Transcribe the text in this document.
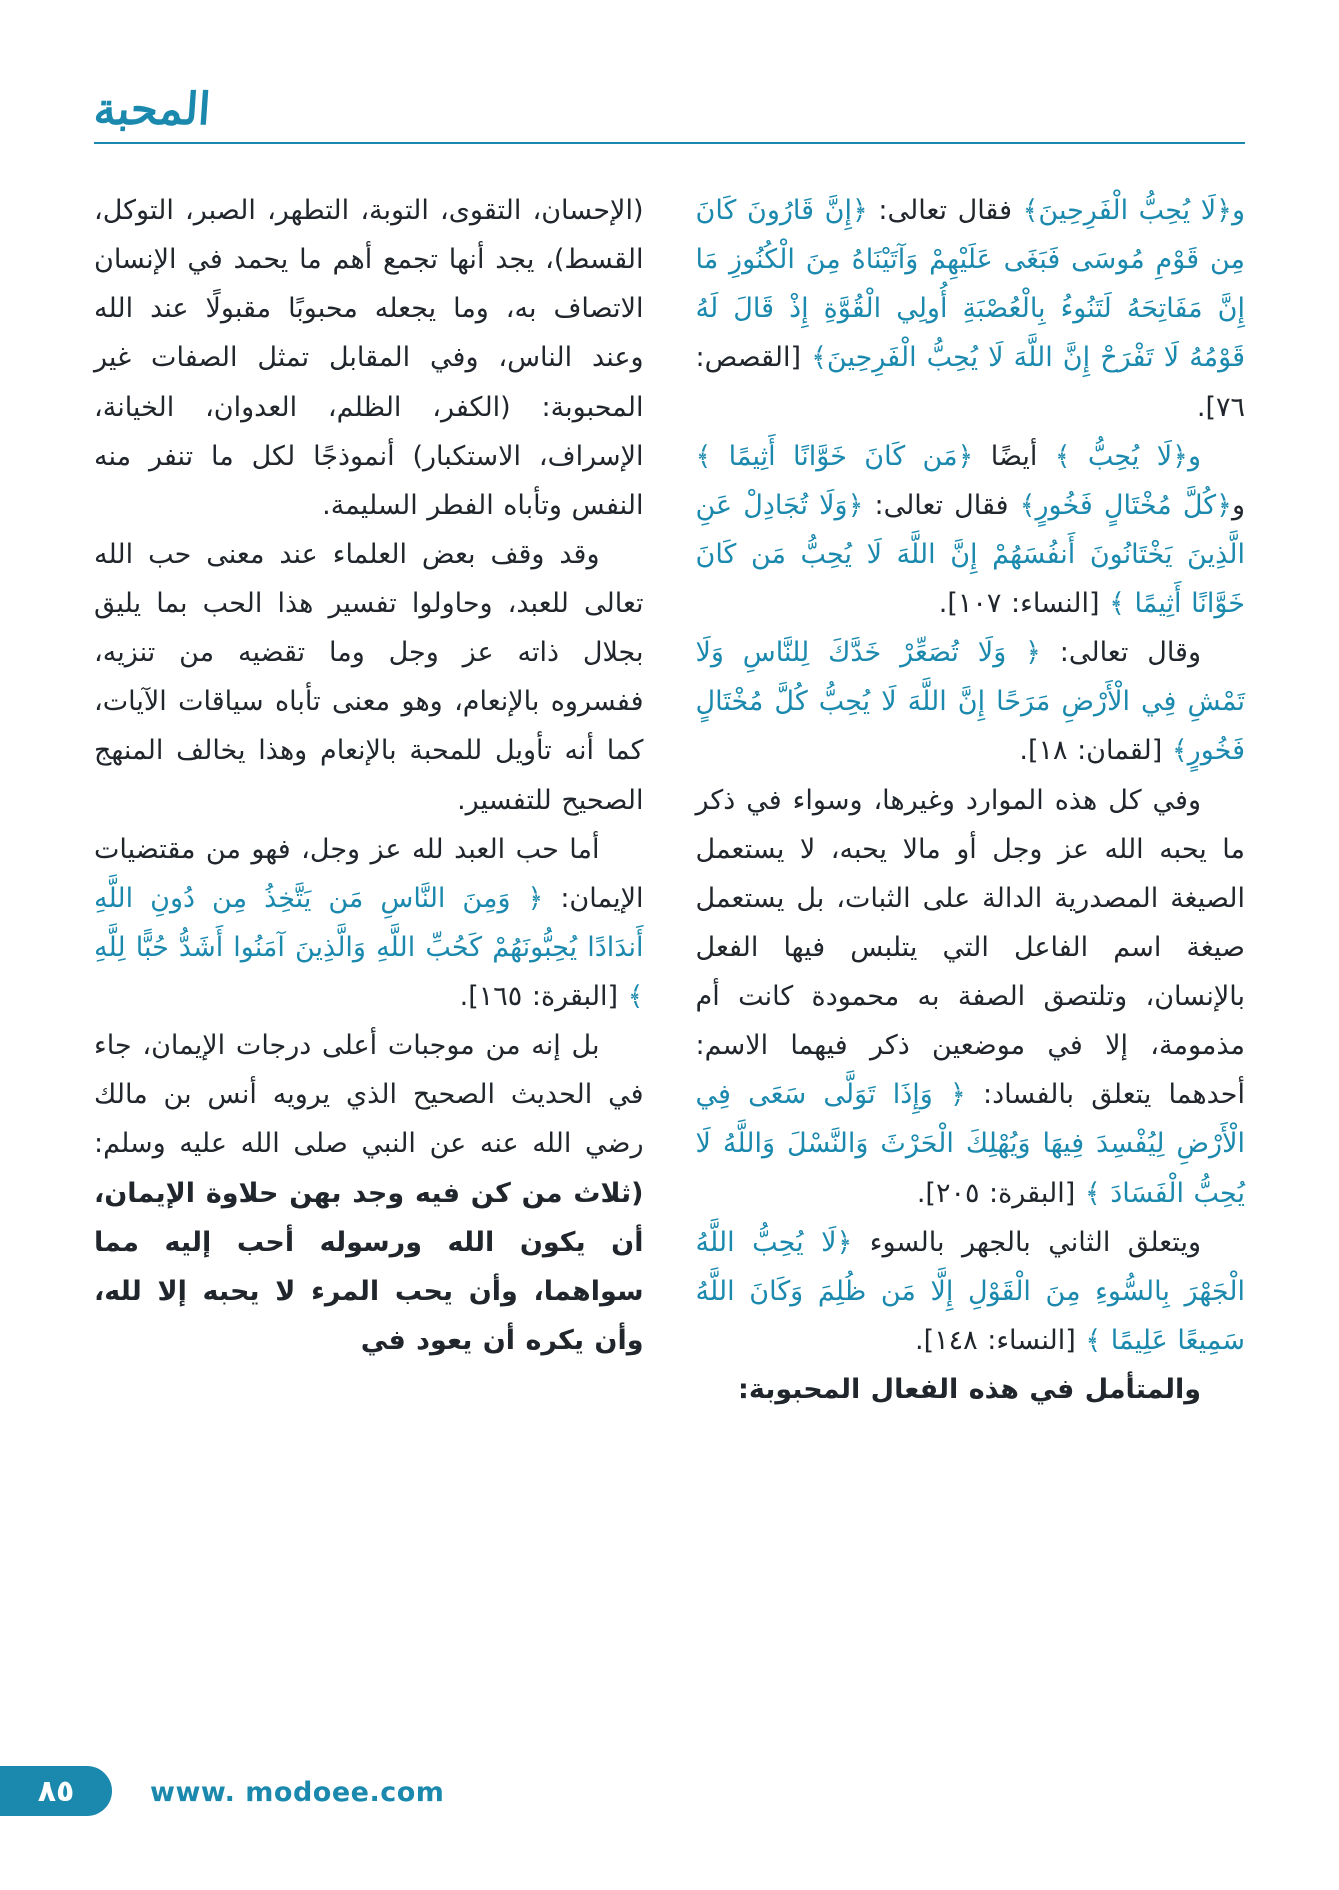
المحبة

و﴿لَا يُحِبُّ الْفَرِحِينَ﴾ فقال تعالى: ﴿إِنَّ قَارُونَ كَانَ مِن قَوْمِ مُوسَى فَبَغَى عَلَيْهِمْ وَآتَيْنَاهُ مِنَ الْكُنُوزِ مَا إِنَّ مَفَاتِحَهُ لَتَنُوءُ بِالْعُصْبَةِ أُولِي الْقُوَّةِ إِذْ قَالَ لَهُ قَوْمُهُ لَا تَفْرَحْ إِنَّ اللَّهَ لَا يُحِبُّ الْفَرِحِينَ﴾ [القصص: ٧٦].

و﴿لَا يُحِبُّ ﴾ أيضًا ﴿مَن كَانَ خَوَّانًا أَثِيمًا ﴾ و﴿كُلَّ مُخْتَالٍ فَخُورٍ﴾ فقال تعالى: ﴿وَلَا تُجَادِلْ عَنِ الَّذِينَ يَخْتَانُونَ أَنفُسَهُمْ إِنَّ اللَّهَ لَا يُحِبُّ مَن كَانَ خَوَّانًا أَثِيمًا ﴾ [النساء: ١٠٧].

وقال تعالى: ﴿ وَلَا تُصَعِّرْ خَدَّكَ لِلنَّاسِ وَلَا تَمْشِ فِي الْأَرْضِ مَرَحًا إِنَّ اللَّهَ لَا يُحِبُّ كُلَّ مُخْتَالٍ فَخُورٍ﴾ [لقمان: ١٨].

وفي كل هذه الموارد وغيرها، وسواء في ذكر ما يحبه الله عز وجل أو مالا يحبه، لا يستعمل الصيغة المصدرية الدالة على الثبات، بل يستعمل صيغة اسم الفاعل التي يتلبس فيها الفعل بالإنسان، وتلتصق الصفة به محمودة كانت أم مذمومة، إلا في موضعين ذكر فيهما الاسم: أحدهما يتعلق بالفساد: ﴿ وَإِذَا تَوَلَّى سَعَى فِي الْأَرْضِ لِيُفْسِدَ فِيهَا وَيُهْلِكَ الْحَرْثَ وَالنَّسْلَ وَاللَّهُ لَا يُحِبُّ الْفَسَادَ ﴾ [البقرة: ٢٠٥].

ويتعلق الثاني بالجهر بالسوء ﴿لَا يُحِبُّ اللَّهُ الْجَهْرَ بِالسُّوءِ مِنَ الْقَوْلِ إِلَّا مَن ظُلِمَ وَكَانَ اللَّهُ سَمِيعًا عَلِيمًا ﴾ [النساء: ١٤٨].

والمتأمل في هذه الفعال المحبوبة:

(الإحسان، التقوى، التوبة، التطهر، الصبر، التوكل، القسط)، يجد أنها تجمع أهم ما يحمد في الإنسان الاتصاف به، وما يجعله محبوبًا مقبولًا عند الله وعند الناس، وفي المقابل تمثل الصفات غير المحبوبة: (الكفر، الظلم، العدوان، الخيانة، الإسراف، الاستكبار) أنموذجًا لكل ما تنفر منه النفس وتأباه الفطر السليمة.

وقد وقف بعض العلماء عند معنى حب الله تعالى للعبد، وحاولوا تفسير هذا الحب بما يليق بجلال ذاته عز وجل وما تقضيه من تنزيه، ففسروه بالإنعام، وهو معنى تأباه سياقات الآيات، كما أنه تأويل للمحبة بالإنعام وهذا يخالف المنهج الصحيح للتفسير.

أما حب العبد لله عز وجل، فهو من مقتضيات الإيمان: ﴿ وَمِنَ النَّاسِ مَن يَتَّخِذُ مِن دُونِ اللَّهِ أَندَادًا يُحِبُّونَهُمْ كَحُبِّ اللَّهِ وَالَّذِينَ آمَنُوا أَشَدُّ حُبًّا لِلَّهِ ﴾ [البقرة: ١٦٥].

بل إنه من موجبات أعلى درجات الإيمان، جاء في الحديث الصحيح الذي يرويه أنس بن مالك رضي الله عنه عن النبي صلى الله عليه وسلم: (ثلاث من كن فيه وجد بهن حلاوة الإيمان، أن يكون الله ورسوله أحب إليه مما سواهما، وأن يحب المرء لا يحبه إلا لله، وأن يكره أن يعود في

٨٥	www. modoee.com
